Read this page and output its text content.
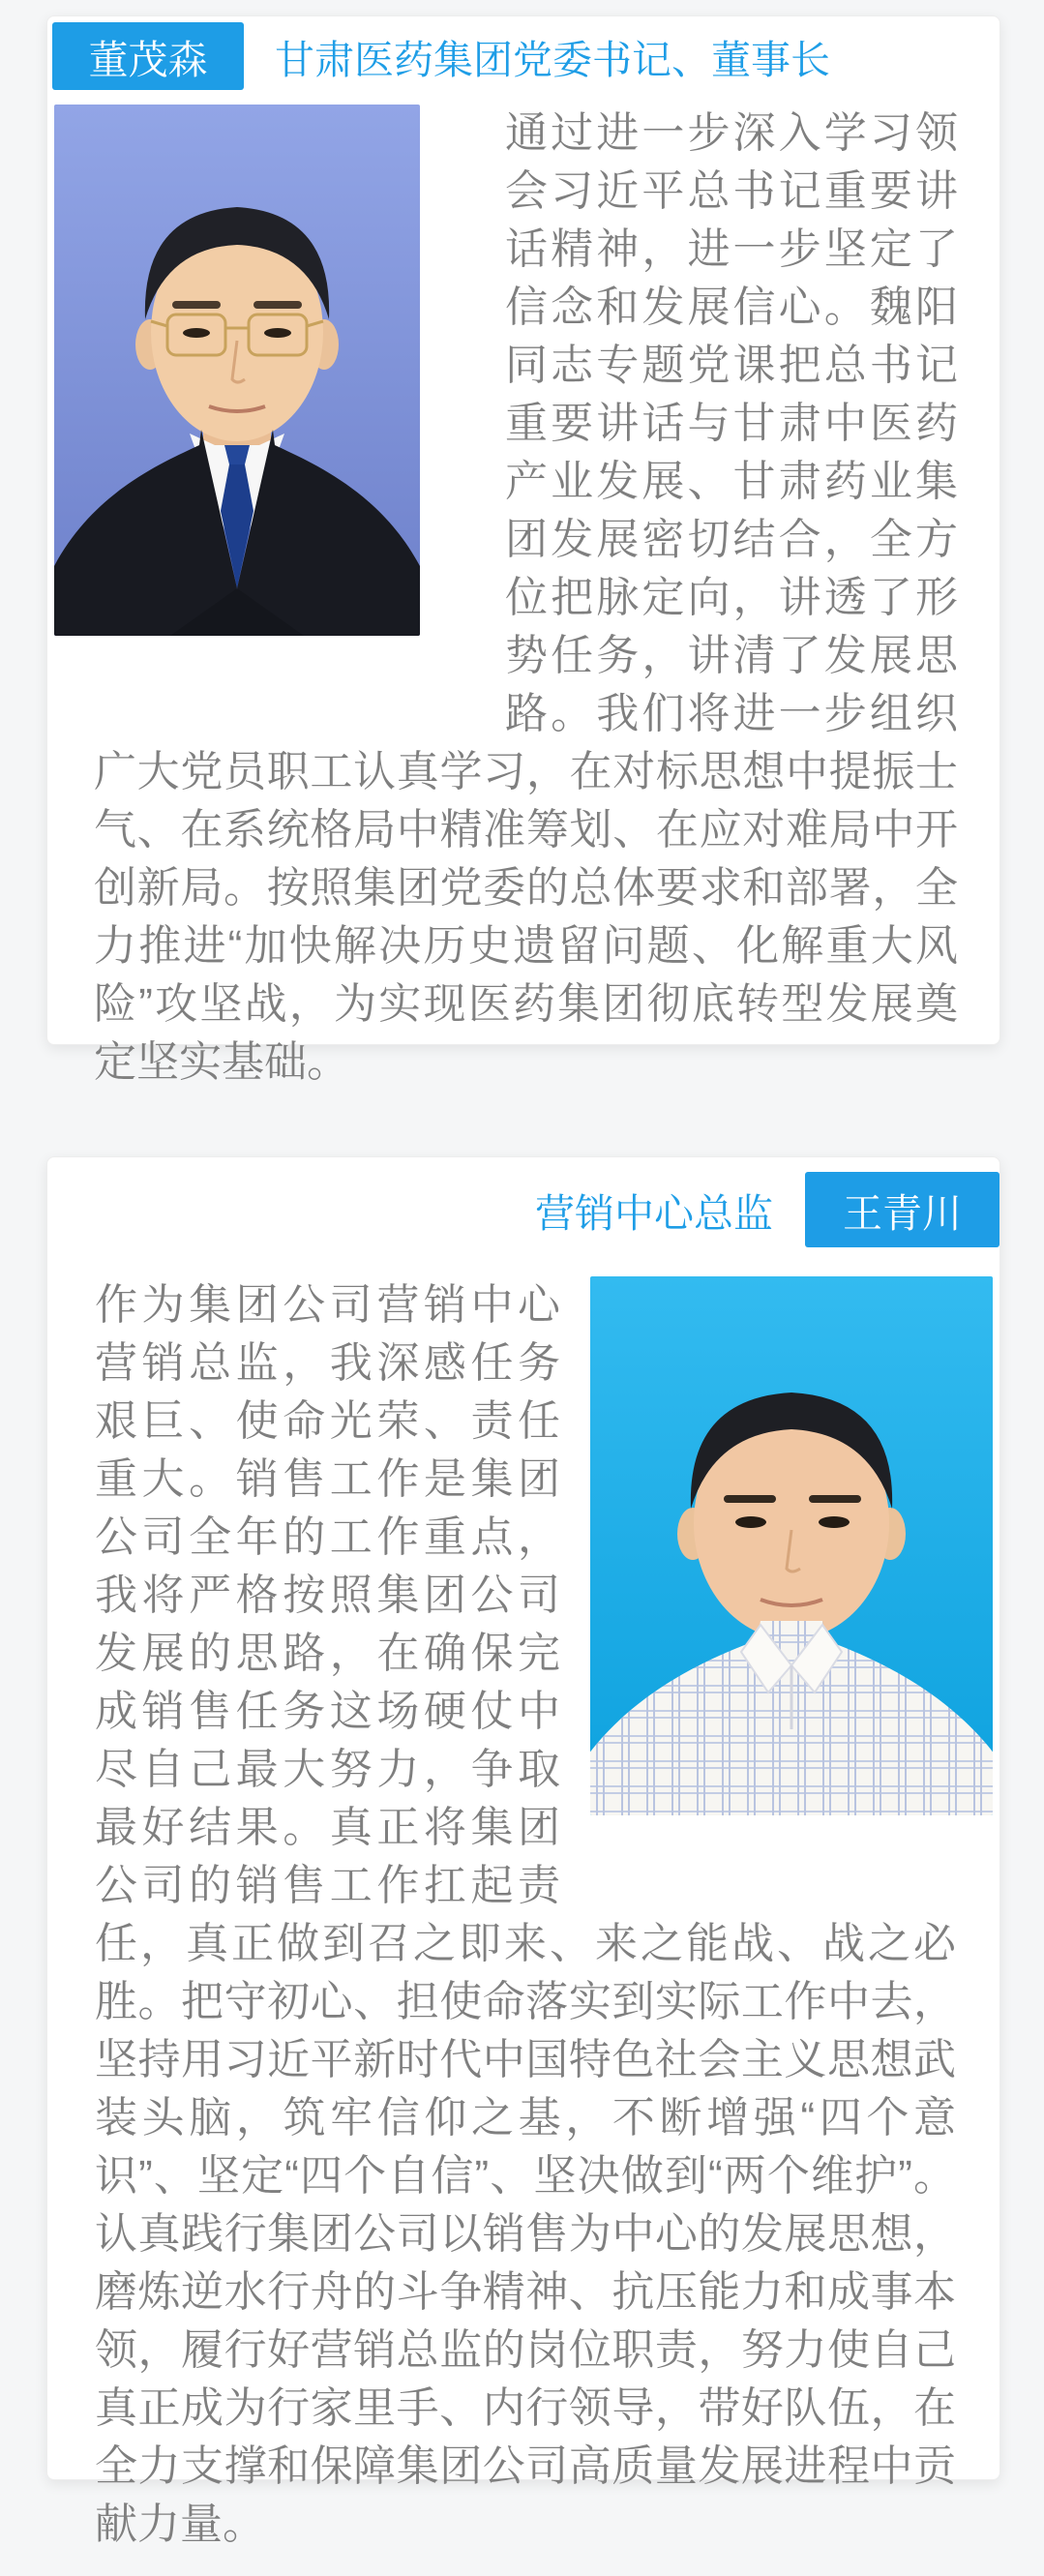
董茂森 甘肃医药集团党委书记、董事长

通过进一步深入学习领会习近平总书记重要讲话精神，进一步坚定了信念和发展信心。魏阳同志专题党课把总书记重要讲话与甘肃中医药产业发展、甘肃药业集团发展密切结合，全方位把脉定向，讲透了形势任务，讲清了发展思路。我们将进一步组织广大党员职工认真学习，在对标思想中提振士气、在系统格局中精准筹划、在应对难局中开创新局。按照集团党委的总体要求和部署，全力推进“加快解决历史遗留问题、化解重大风险”攻坚战，为实现医药集团彻底转型发展奠定坚实基础。

营销中心总监 王青川

作为集团公司营销中心营销总监，我深感任务艰巨、使命光荣、责任重大。销售工作是集团公司全年的工作重点，我将严格按照集团公司发展的思路，在确保完成销售任务这场硬仗中尽自己最大努力，争取最好结果。真正将集团公司的销售工作扛起责任，真正做到召之即来、来之能战、战之必胜。把守初心、担使命落实到实际工作中去，坚持用习近平新时代中国特色社会主义思想武装头脑，筑牢信仰之基，不断增强“四个意识”、坚定“四个自信”、坚决做到“两个维护”。认真践行集团公司以销售为中心的发展思想，磨炼逆水行舟的斗争精神、抗压能力和成事本领，履行好营销总监的岗位职责，努力使自己真正成为行家里手、内行领导，带好队伍，在全力支撑和保障集团公司高质量发展进程中贡献力量。
